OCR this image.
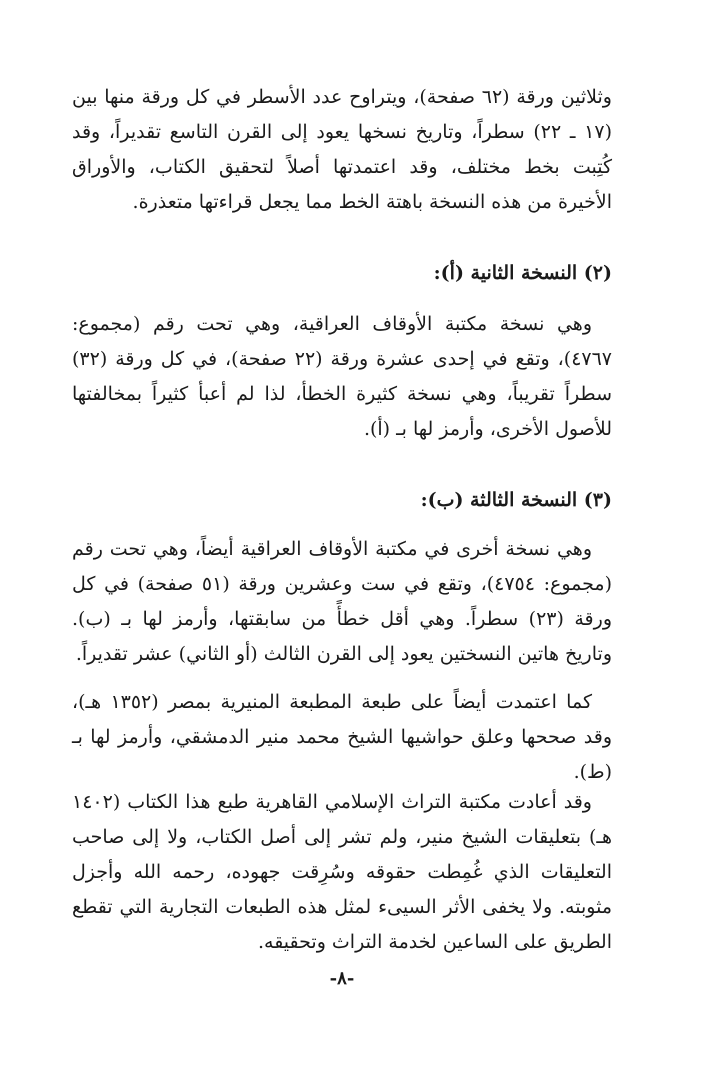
وثلاثين ورقة (٦٢ صفحة)، ويتراوح عدد الأسطر في كل ورقة منها بين (١٧ ـ ٢٢) سطراً، وتاريخ نسخها يعود إلى القرن التاسع تقديراً، وقد كُتِبت بخط مختلف، وقد اعتمدتها أصلاً لتحقيق الكتاب، والأوراق الأخيرة من هذه النسخة باهتة الخط مما يجعل قراءتها متعذرة.

(٢) النسخة الثانية (أ):

وهي نسخة مكتبة الأوقاف العراقية، وهي تحت رقم (مجموع: ٤٧٦٧)، وتقع في إحدى عشرة ورقة (٢٢ صفحة)، في كل ورقة (٣٢) سطراً تقريباً، وهي نسخة كثيرة الخطأ، لذا لم أعبأ كثيراً بمخالفتها للأصول الأخرى، وأرمز لها بـ (أ).

(٣) النسخة الثالثة (ب):

وهي نسخة أخرى في مكتبة الأوقاف العراقية أيضاً، وهي تحت رقم (مجموع: ٤٧٥٤)، وتقع في ست وعشرين ورقة (٥١ صفحة) في كل ورقة (٢٣) سطراً. وهي أقل خطأً من سابقتها، وأرمز لها بـ (ب). وتاريخ هاتين النسختين يعود إلى القرن الثالث (أو الثاني) عشر تقديراً.

كما اعتمدت أيضاً على طبعة المطبعة المنيرية بمصر (١٣٥٢ هـ)، وقد صححها وعلق حواشيها الشيخ محمد منير الدمشقي، وأرمز لها بـ (ط).

وقد أعادت مكتبة التراث الإسلامي القاهرية طبع هذا الكتاب (١٤٠٢ هـ) بتعليقات الشيخ منير، ولم تشر إلى أصل الكتاب، ولا إلى صاحب التعليقات الذي غُمِطت حقوقه وسُرِقت جهوده، رحمه الله وأجزل مثوبته. ولا يخفى الأثر السيىء لمثل هذه الطبعات التجارية التي تقطع الطريق على الساعين لخدمة التراث وتحقيقه.

-٨-
